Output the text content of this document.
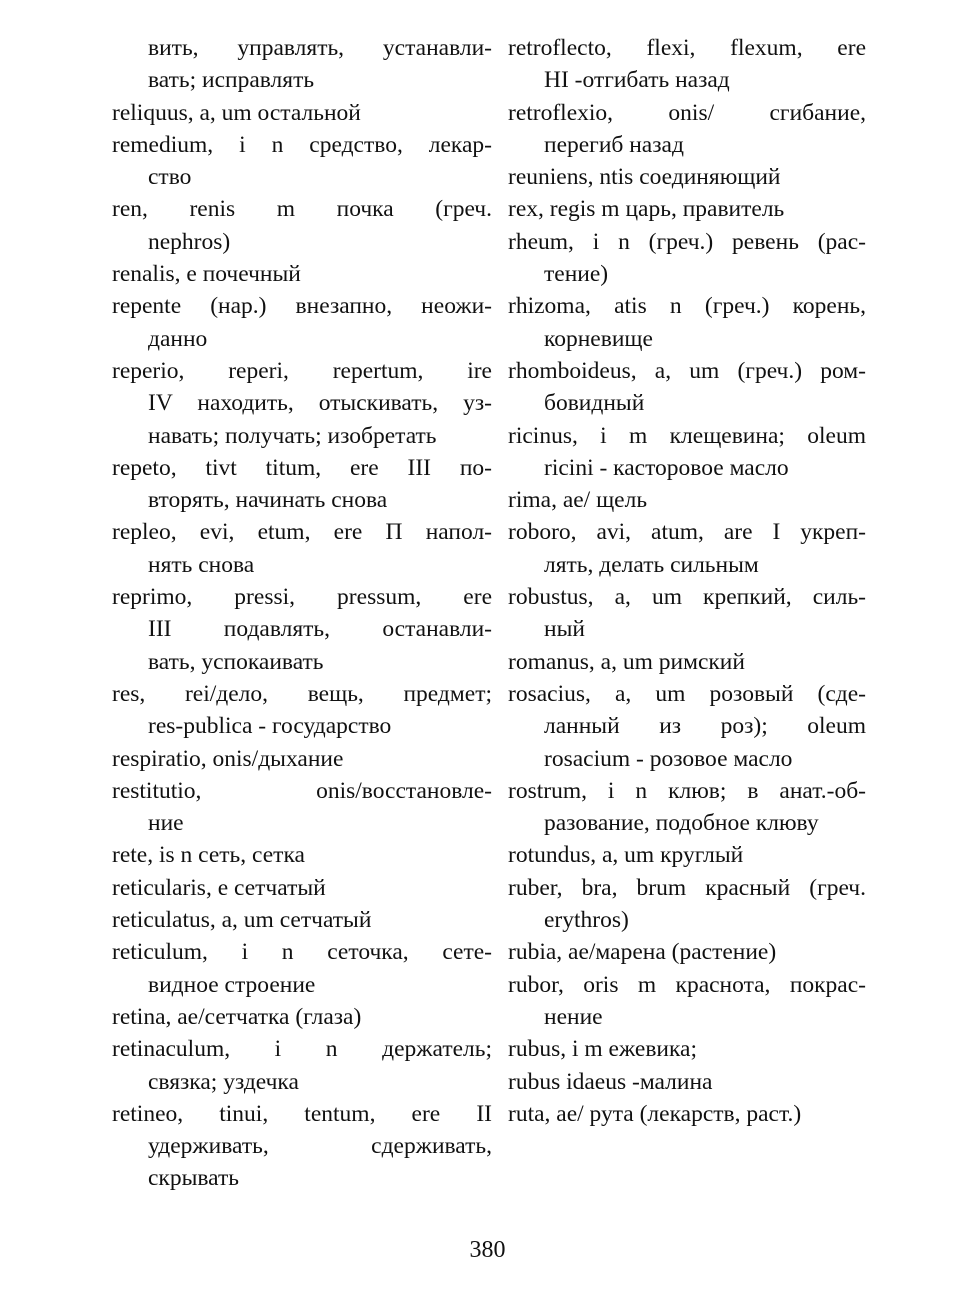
вить, управлять, устанавли-
вать; исправлять
reliquus, a, um остальной
remedium, i n средство, лекар-
ство
ren, renis m почка (греч.
nephros)
renalis, e почечный
repente (нар.) внезапно, неожи-
данно
reperio, reperi, repertum, ire
IV находить, отыскивать, уз-
навать; получать; изобретать
repeto, tivt titum, ere III по-
вторять, начинать снова
repleo, evi, etum, ere П напол-
нять снова
reprimo, pressi, pressum, ere
III подавлять, останавли-
вать, успокаивать
res, rei/дело, вещь, предмет;
res-publica - государство
respiratio, onis/дыхание
restitutio, onis/восстановле-
ние
rete, is n сеть, сетка
reticularis, e сетчатый
reticulatus, a, um сетчатый
reticulum, i n сеточка, сете-
видное строение
retina, ae/сетчатка (глаза)
retinaculum, i n держатель;
связка; уздечка
retineo, tinui, tentum, ere II
удерживать, сдерживать,
скрывать
retroflecto, flexi, flexum, ere
HI -отгибать назад
retroflexio, onis/ сгибание,
перегиб назад
reuniens, ntis соединяющий
rex, regis m царь, правитель
rheum, i n (греч.) ревень (рас-
тение)
rhizoma, atis n (греч.) корень,
корневище
rhomboideus, a, um (греч.) ром-
бовидный
ricinus, i m клещевина; oleum
ricini - касторовое масло
rima, ae/ щель
roboro, avi, atum, are I укреп-
лять, делать сильным
robustus, a, um крепкий, силь-
ный
romanus, a, um римский
rosacius, a, um розовый (сде-
ланный из роз); oleum
rosacium - розовое масло
rostrum, i n клюв; в анат.-об-
разование, подобное клюву
rotundus, a, um круглый
ruber, bra, brum красный (греч.
erythros)
rubia, ae/марена (растение)
rubor, oris m краснота, покрас-
нение
rubus, i m ежевика;
rubus idaeus -малина
ruta, ae/ рута (лекарств, раст.)
380
